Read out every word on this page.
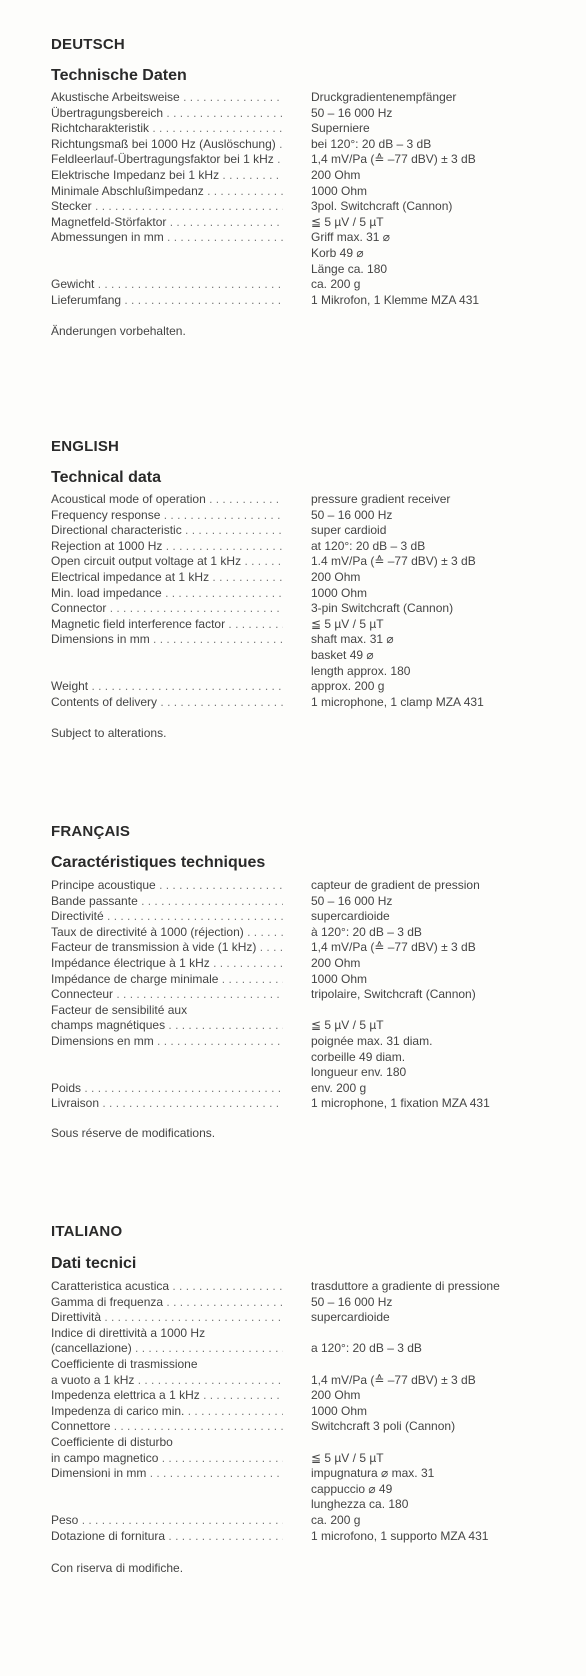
DEUTSCH
Technische Daten
Akustische Arbeitsweise . . .	Druckgradientenempfänger
Übertragungsbereich . . .	50 – 16 000 Hz
Richtcharakteristik . . .	Superniere
Richtungsmaß bei 1000 Hz (Auslöschung) . . .	bei 120°: 20 dB – 3 dB
Feldleerlauf-Übertragungsfaktor bei 1 kHz . . .	1,4 mV/Pa (≙ –77 dBV) ± 3 dB
Elektrische Impedanz bei 1 kHz . . .	200 Ohm
Minimale Abschlußimpedanz . . .	1000 Ohm
Stecker . . .	3pol. Switchcraft (Cannon)
Magnetfeld-Störfaktor . . .	≦ 5 µV / 5 µT
Abmessungen in mm . . .	Griff max. 31 ⌀
Korb 49 ⌀
Länge ca. 180
Gewicht . . .	ca. 200 g
Lieferumfang . . .	1 Mikrofon, 1 Klemme MZA 431
Änderungen vorbehalten.
ENGLISH
Technical data
Acoustical mode of operation . . .	pressure gradient receiver
Frequency response . . .	50 – 16 000 Hz
Directional characteristic . . .	super cardioid
Rejection at 1000 Hz . . .	at 120°: 20 dB – 3 dB
Open circuit output voltage at 1 kHz . . .	1.4 mV/Pa (≙ –77 dBV) ± 3 dB
Electrical impedance at 1 kHz . . .	200 Ohm
Min. load impedance . . .	1000 Ohm
Connector . . .	3-pin Switchcraft (Cannon)
Magnetic field interference factor . . .	≦ 5 µV / 5 µT
Dimensions in mm . . .	shaft max. 31 ⌀
basket 49 ⌀
length approx. 180
Weight . . .	approx. 200 g
Contents of delivery . . .	1 microphone, 1 clamp MZA 431
Subject to alterations.
FRANÇAIS
Caractéristiques techniques
Principe acoustique . . .	capteur de gradient de pression
Bande passante . . .	50 – 16 000 Hz
Directivité . . .	supercardioide
Taux de directivité à 1000 (réjection) . . .	à 120°: 20 dB – 3 dB
Facteur de transmission à vide (1 kHz) . . .	1,4 mV/Pa (≙ –77 dBV) ± 3 dB
Impédance électrique à 1 kHz . . .	200 Ohm
Impédance de charge minimale . . .	1000 Ohm
Connecteur . . .	tripolaire, Switchcraft (Cannon)
Facteur de sensibilité aux
champs magnétiques . . .	≦ 5 µV / 5 µT
Dimensions en mm . . .	poignée max. 31 diam.
corbeille 49 diam.
longueur env. 180
Poids . . .	env. 200 g
Livraison . . .	1 microphone, 1 fixation MZA 431
Sous réserve de modifications.
ITALIANO
Dati tecnici
Caratteristica acustica . . .	trasduttore a gradiente di pressione
Gamma di frequenza . . .	50 – 16 000 Hz
Direttività . . .	supercardioide
Indice di direttività a 1000 Hz
(cancellazione) . . .	a 120°: 20 dB – 3 dB
Coefficiente di trasmissione
a vuoto a 1 kHz . . .	1,4 mV/Pa (≙ –77 dBV) ± 3 dB
Impedenza elettrica a 1 kHz . . .	200 Ohm
Impedenza di carico min. . . .	1000 Ohm
Connettore . . .	Switchcraft 3 poli (Cannon)
Coefficiente di disturbo
in campo magnetico . . .	≦ 5 µV / 5 µT
Dimensioni in mm . . .	impugnatura ⌀ max. 31
cappuccio ⌀ 49
lunghezza ca. 180
Peso . . .	ca. 200 g
Dotazione di fornitura . . .	1 microfono, 1 supporto MZA 431
Con riserva di modifiche.
